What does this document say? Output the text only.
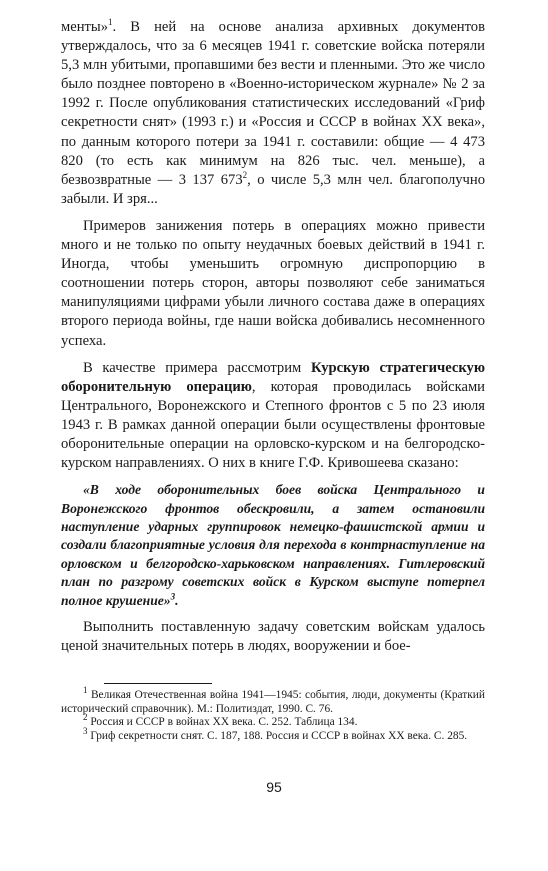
менты»$^1$. В ней на основе анализа архивных документов утверждалось, что за 6 месяцев 1941 г. советские войска потеряли 5,3 млн убитыми, пропавшими без вести и пленными. Это же число было позднее повторено в «Военно-историческом журнале» № 2 за 1992 г. После опубликования статистических исследований «Гриф секретности снят» (1993 г.) и «Россия и СССР в войнах XX века», по данным которого потери за 1941 г. составили: общие — 4 473 820 (то есть как минимум на 826 тыс. чел. меньше), а безвозвратные — 3 137 $673^2$, о числе 5,3 млн чел. благополучно забыли. И зря...

Примеров занижения потерь в операциях можно привести много и не только по опыту неудачных боевых действий в 1941 г. Иногда, чтобы уменьшить огромную диспропорцию в соотношении потерь сторон, авторы позволяют себе заниматься манипуляциями цифрами убыли личного состава даже в операциях второго периода войны, где наши войска добивались несомненного успеха.

В качестве примера рассмотрим Курскую стратегическую оборонительную операцию, которая проводилась войсками Центрального, Воронежского и Степного фронтов с 5 по 23 июля 1943 г. В рамках данной операции были осуществлены фронтовые оборонительные операции на орловско-курском и на белгородско-курском направлениях. О них в книге Г.Ф. Кривошеева сказано:

«В ходе оборонительных боев войска Центрального и Воронежского фронтов обескровили, а затем остановили наступление ударных группировок немецко-фашистской армии и создали благоприятные условия для перехода в контрнаступление на орловском и белгородско-харьковском направлениях. Гитлеровский план по разгрому советских войск в Курском выступе потерпел полное крушение»$^3$.

Выполнить поставленную задачу советским войскам удалось ценой значительных потерь в людях, вооружении и бое-

$^1$ Великая Отечественная война 1941—1945: события, люди, документы (Краткий исторический справочник). М.: Политиздат, 1990. С. 76.

$^2$ Россия и СССР в войнах XX века. С. 252. Таблица 134.

$^3$ Гриф секретности снят. С. 187, 188. Россия и СССР в войнах XX века. С. 285.

95
